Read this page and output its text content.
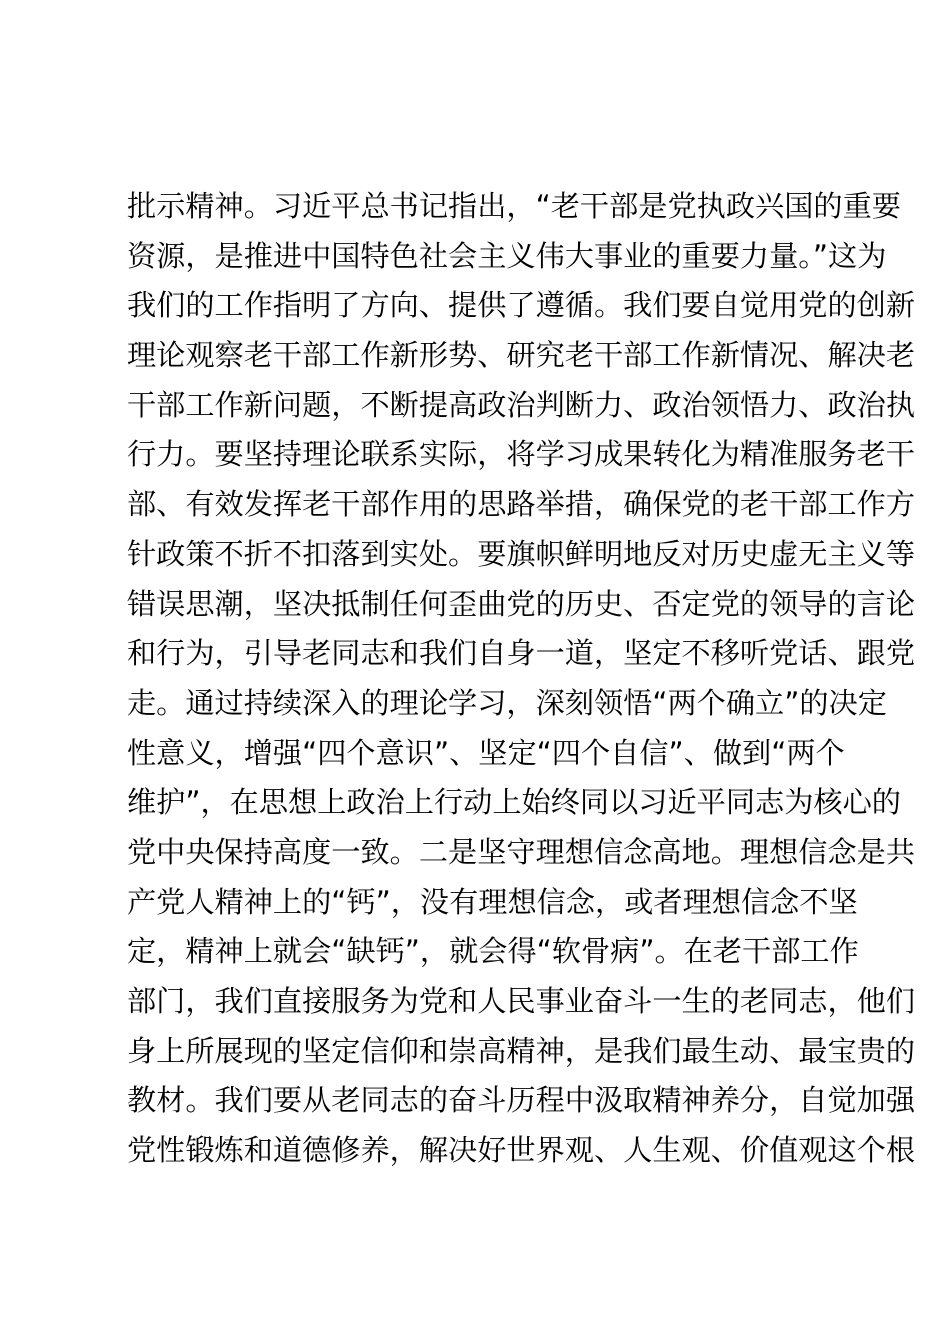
批示精神。习近平总书记指出，“老干部是党执政兴国的重要
资源，是推进中国特色社会主义伟大事业的重要力量。”这为
我们的工作指明了方向、提供了遵循。我们要自觉用党的创新
理论观察老干部工作新形势、研究老干部工作新情况、解决老
干部工作新问题，不断提高政治判断力、政治领悟力、政治执
行力。要坚持理论联系实际，将学习成果转化为精准服务老干
部、有效发挥老干部作用的思路举措，确保党的老干部工作方
针政策不折不扣落到实处。要旗帜鲜明地反对历史虚无主义等
错误思潮，坚决抵制任何歪曲党的历史、否定党的领导的言论
和行为，引导老同志和我们自身一道，坚定不移听党话、跟党
走。通过持续深入的理论学习，深刻领悟“两个确立”的决定
性意义，增强“四个意识”、坚定“四个自信”、做到“两个
维护”，在思想上政治上行动上始终同以习近平同志为核心的
党中央保持高度一致。二是坚守理想信念高地。理想信念是共
产党人精神上的“钙”，没有理想信念，或者理想信念不坚
定，精神上就会“缺钙”，就会得“软骨病”。在老干部工作
部门，我们直接服务为党和人民事业奋斗一生的老同志，他们
身上所展现的坚定信仰和崇高精神，是我们最生动、最宝贵的
教材。我们要从老同志的奋斗历程中汲取精神养分，自觉加强
党性锻炼和道德修养，解决好世界观、人生观、价值观这个根
